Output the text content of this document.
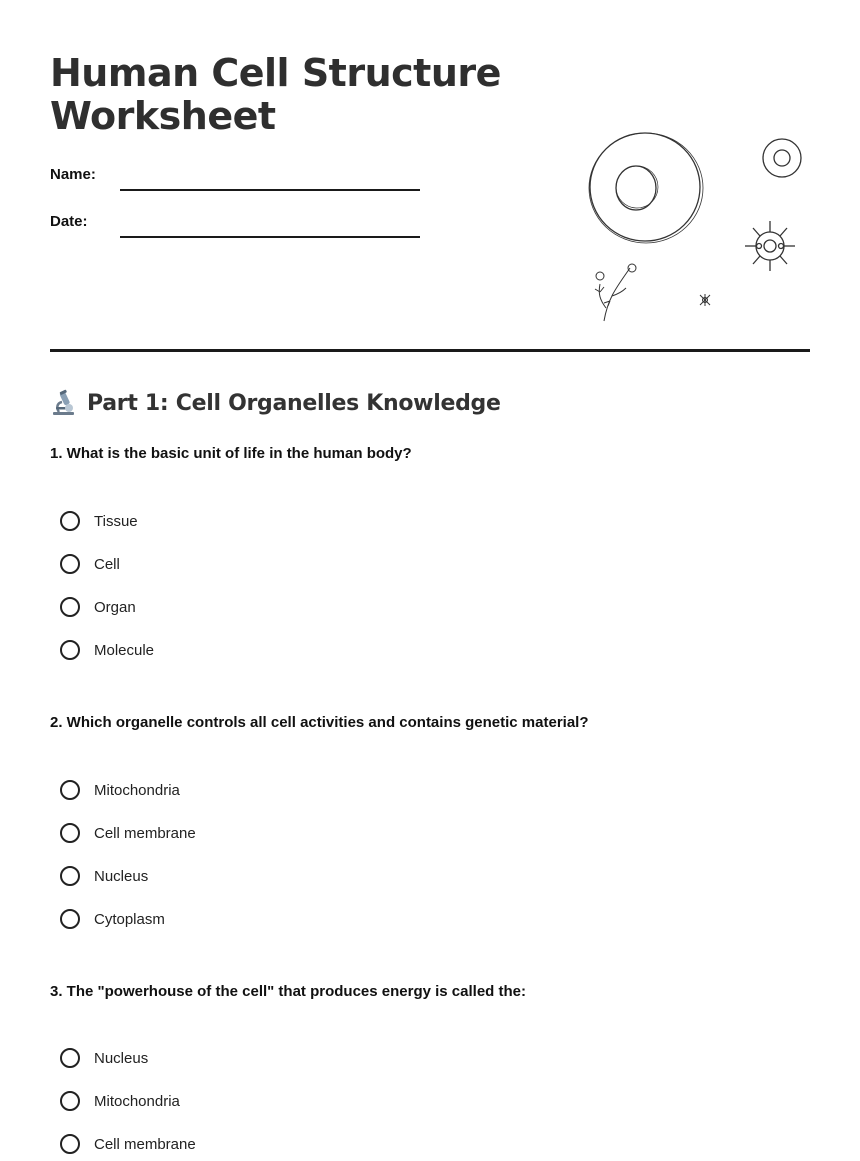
Human Cell Structure Worksheet
Name:
Date:
Part 1: Cell Organelles Knowledge
1. What is the basic unit of life in the human body?
Tissue
Cell
Organ
Molecule
2. Which organelle controls all cell activities and contains genetic material?
Mitochondria
Cell membrane
Nucleus
Cytoplasm
3. The "powerhouse of the cell" that produces energy is called the:
Nucleus
Mitochondria
Cell membrane
